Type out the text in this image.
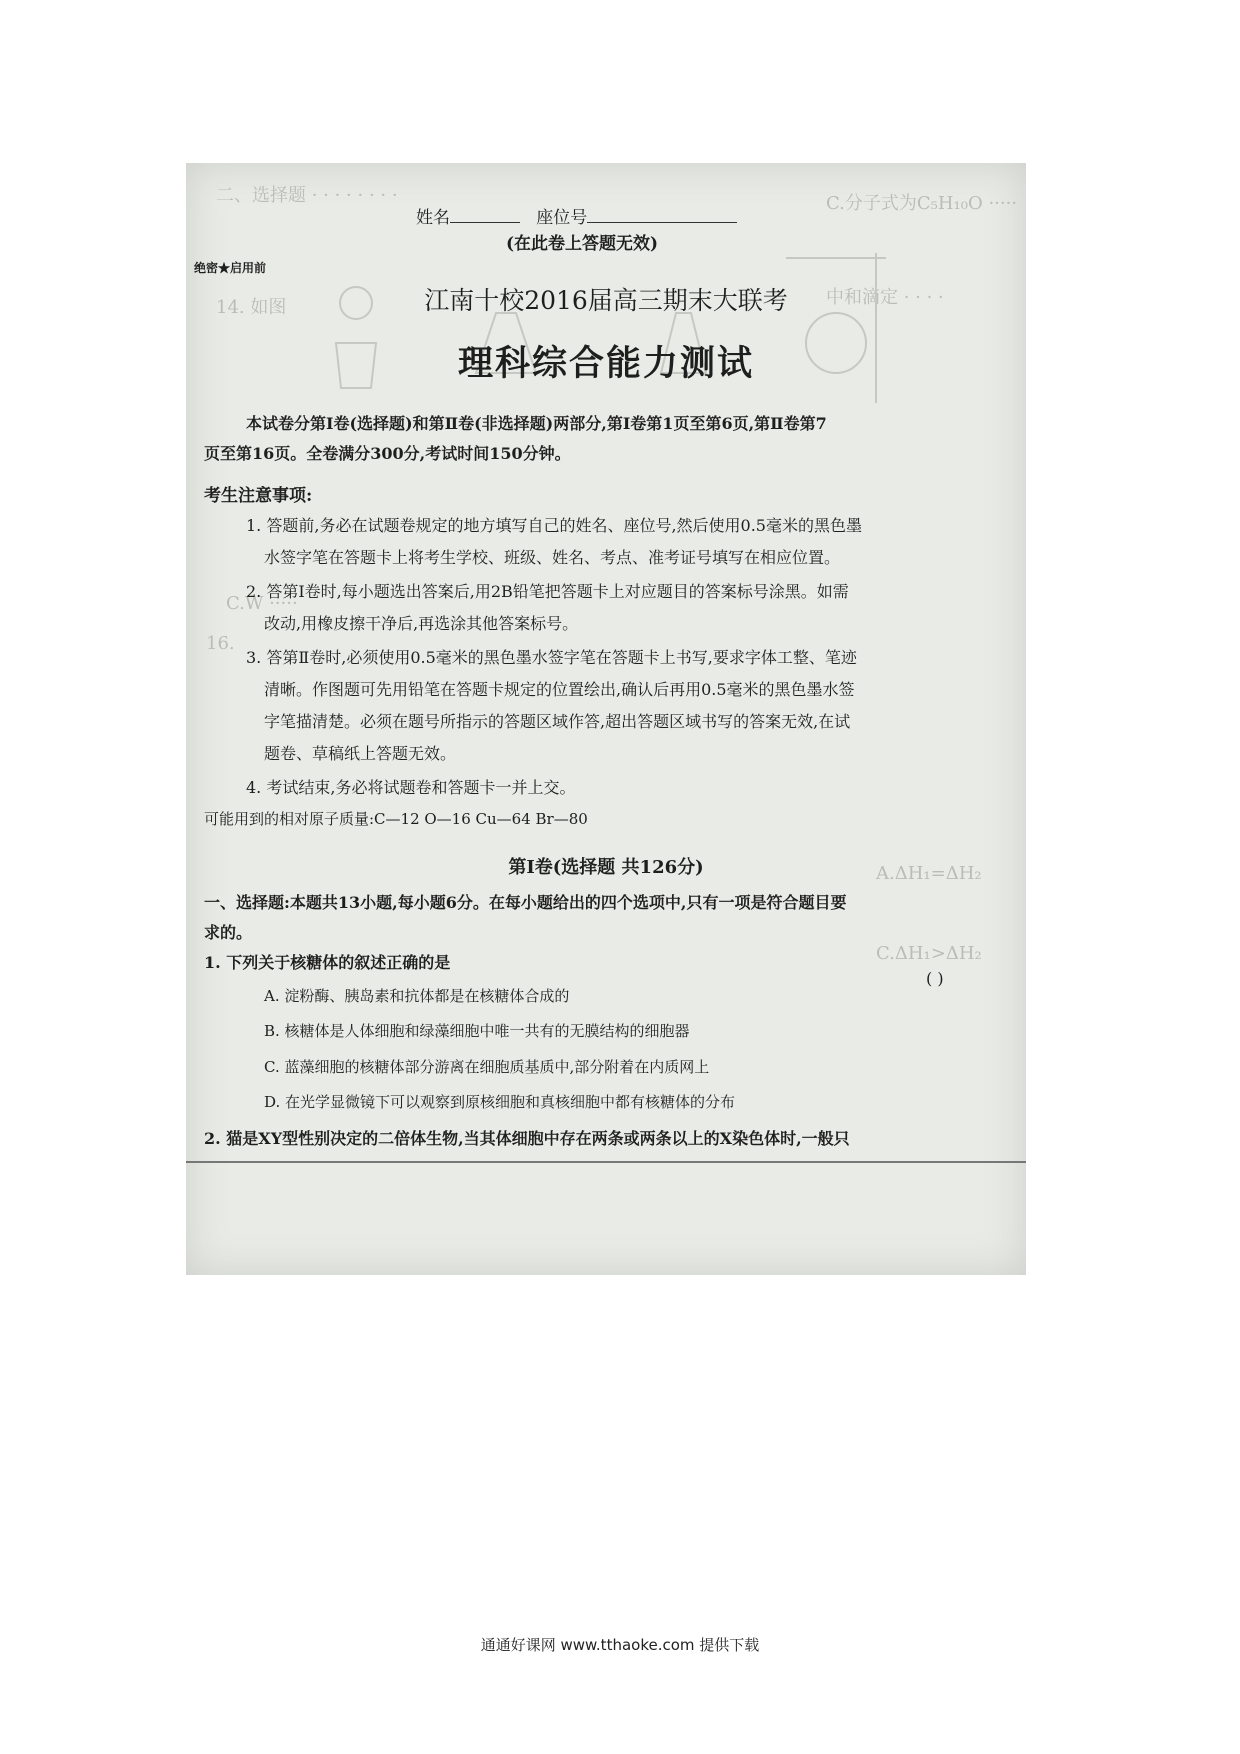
二、选择题 · · · · · · · ·	C.分子式为C₅H₁₀O ·····
14. 如图	中和滴定 · · · ·
C.W ·····
16.
A.ΔH₁=ΔH₂
C.ΔH₁>ΔH₂
姓名	座位号
(在此卷上答题无效)
绝密★启用前
江南十校2016届高三期末大联考
理科综合能力测试
本试卷分第Ⅰ卷(选择题)和第Ⅱ卷(非选择题)两部分,第Ⅰ卷第1页至第6页,第Ⅱ卷第7
页至第16页。全卷满分300分,考试时间150分钟。
考生注意事项:
1. 答题前,务必在试题卷规定的地方填写自己的姓名、座位号,然后使用0.5毫米的黑色墨
水签字笔在答题卡上将考生学校、班级、姓名、考点、准考证号填写在相应位置。
2. 答第Ⅰ卷时,每小题选出答案后,用2B铅笔把答题卡上对应题目的答案标号涂黑。如需
改动,用橡皮擦干净后,再选涂其他答案标号。
3. 答第Ⅱ卷时,必须使用0.5毫米的黑色墨水签字笔在答题卡上书写,要求字体工整、笔迹
清晰。作图题可先用铅笔在答题卡规定的位置绘出,确认后再用0.5毫米的黑色墨水签
字笔描清楚。必须在题号所指示的答题区域作答,超出答题区域书写的答案无效,在试
题卷、草稿纸上答题无效。
4. 考试结束,务必将试题卷和答题卡一并上交。
可能用到的相对原子质量:C—12 O—16 Cu—64 Br—80
第Ⅰ卷(选择题 共126分)
一、选择题:本题共13小题,每小题6分。在每小题给出的四个选项中,只有一项是符合题目要
求的。
1. 下列关于核糖体的叙述正确的是
( )
A. 淀粉酶、胰岛素和抗体都是在核糖体合成的
B. 核糖体是人体细胞和绿藻细胞中唯一共有的无膜结构的细胞器
C. 蓝藻细胞的核糖体部分游离在细胞质基质中,部分附着在内质网上
D. 在光学显微镜下可以观察到原核细胞和真核细胞中都有核糖体的分布
2. 猫是XY型性别决定的二倍体生物,当其体细胞中存在两条或两条以上的X染色体时,一般只
通通好课网 www.tthaoke.com 提供下载
